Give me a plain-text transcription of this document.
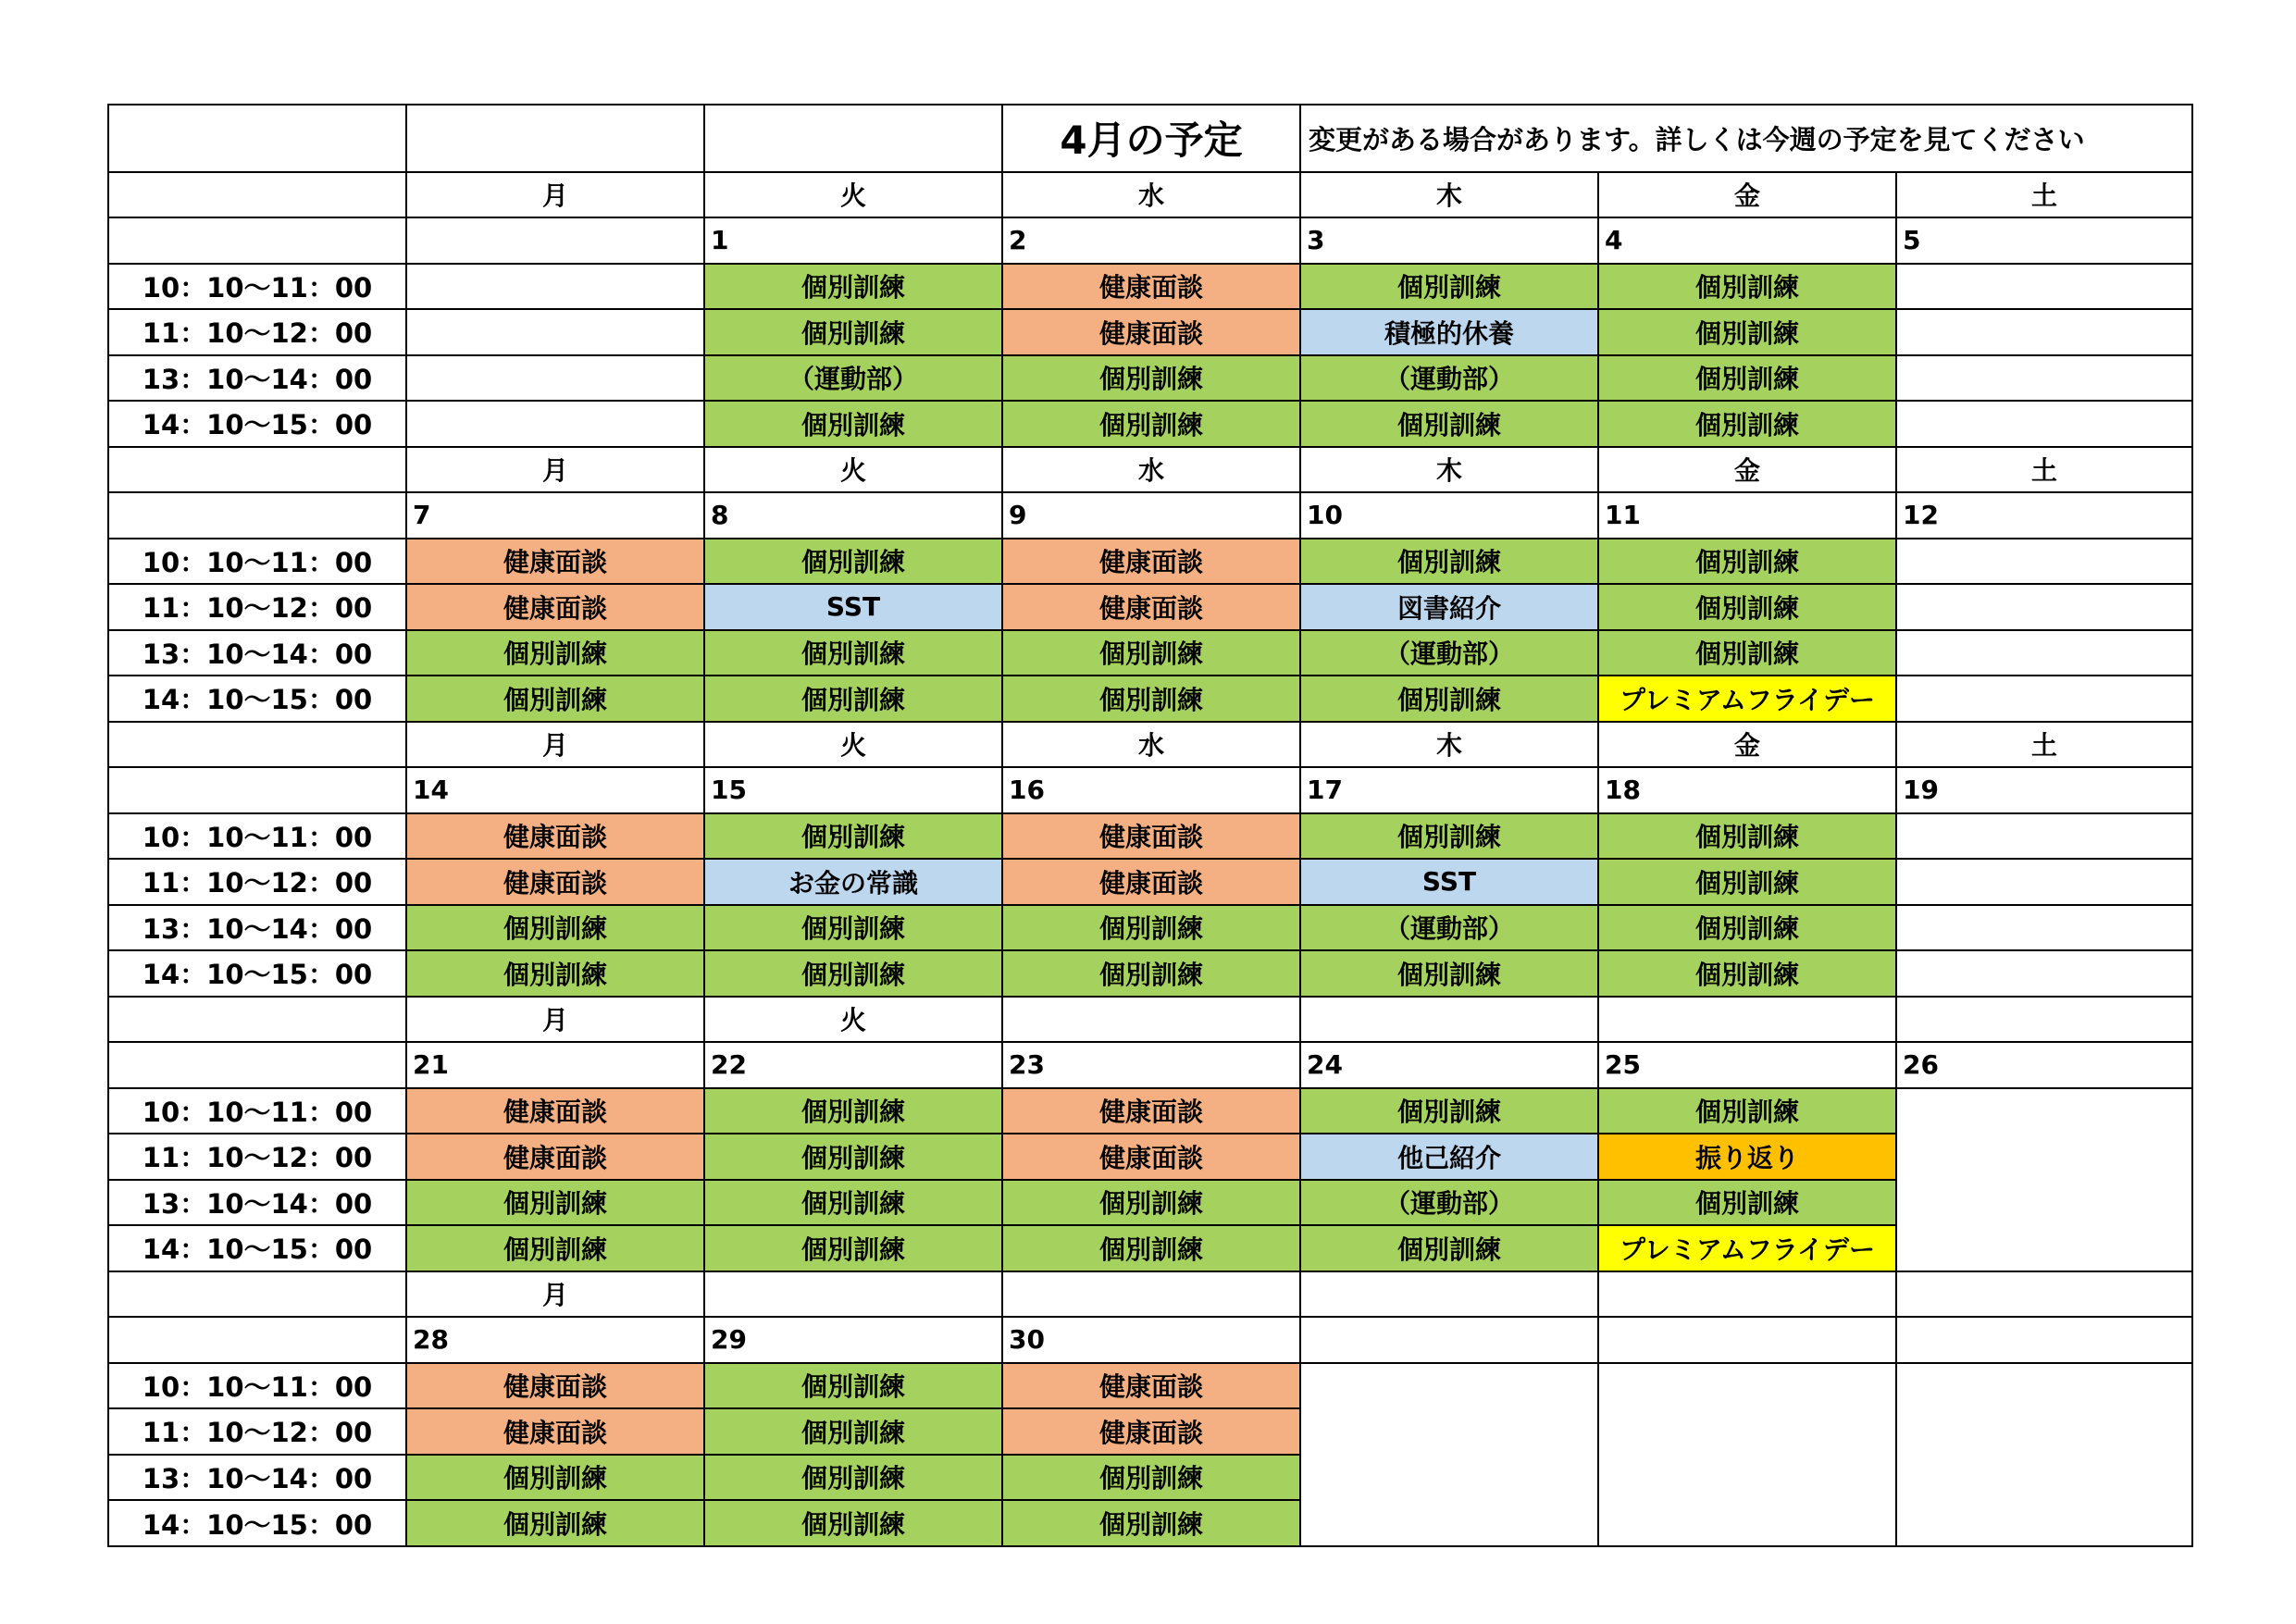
			4月の予定	変更がある場合があります。詳しくは今週の予定を見てください		
	月	火	水	木	金	土
		1	2	3	4	5
10：10～11：00		個別訓練	健康面談	個別訓練	個別訓練	
11：10～12：00		個別訓練	健康面談	積極的休養	個別訓練	
13：10～14：00		（運動部）	個別訓練	（運動部）	個別訓練	
14：10～15：00		個別訓練	個別訓練	個別訓練	個別訓練	
	月	火	水	木	金	土
	7	8	9	10	11	12
10：10～11：00	健康面談	個別訓練	健康面談	個別訓練	個別訓練	
11：10～12：00	健康面談	SST	健康面談	図書紹介	個別訓練	
13：10～14：00	個別訓練	個別訓練	個別訓練	（運動部）	個別訓練	
14：10～15：00	個別訓練	個別訓練	個別訓練	個別訓練	プレミアムフライデー	
	月	火	水	木	金	土
	14	15	16	17	18	19
10：10～11：00	健康面談	個別訓練	健康面談	個別訓練	個別訓練	
11：10～12：00	健康面談	お金の常識	健康面談	SST	個別訓練	
13：10～14：00	個別訓練	個別訓練	個別訓練	（運動部）	個別訓練	
14：10～15：00	個別訓練	個別訓練	個別訓練	個別訓練	個別訓練	
	月	火				
	21	22	23	24	25	26
10：10～11：00	健康面談	個別訓練	健康面談	個別訓練	個別訓練	
11：10～12：00	健康面談	個別訓練	健康面談	他己紹介	振り返り	
13：10～14：00	個別訓練	個別訓練	個別訓練	（運動部）	個別訓練	
14：10～15：00	個別訓練	個別訓練	個別訓練	個別訓練	プレミアムフライデー	
	月					
	28	29	30			
10：10～11：00	健康面談	個別訓練	健康面談			
11：10～12：00	健康面談	個別訓練	健康面談			
13：10～14：00	個別訓練	個別訓練	個別訓練			
14：10～15：00	個別訓練	個別訓練	個別訓練			
